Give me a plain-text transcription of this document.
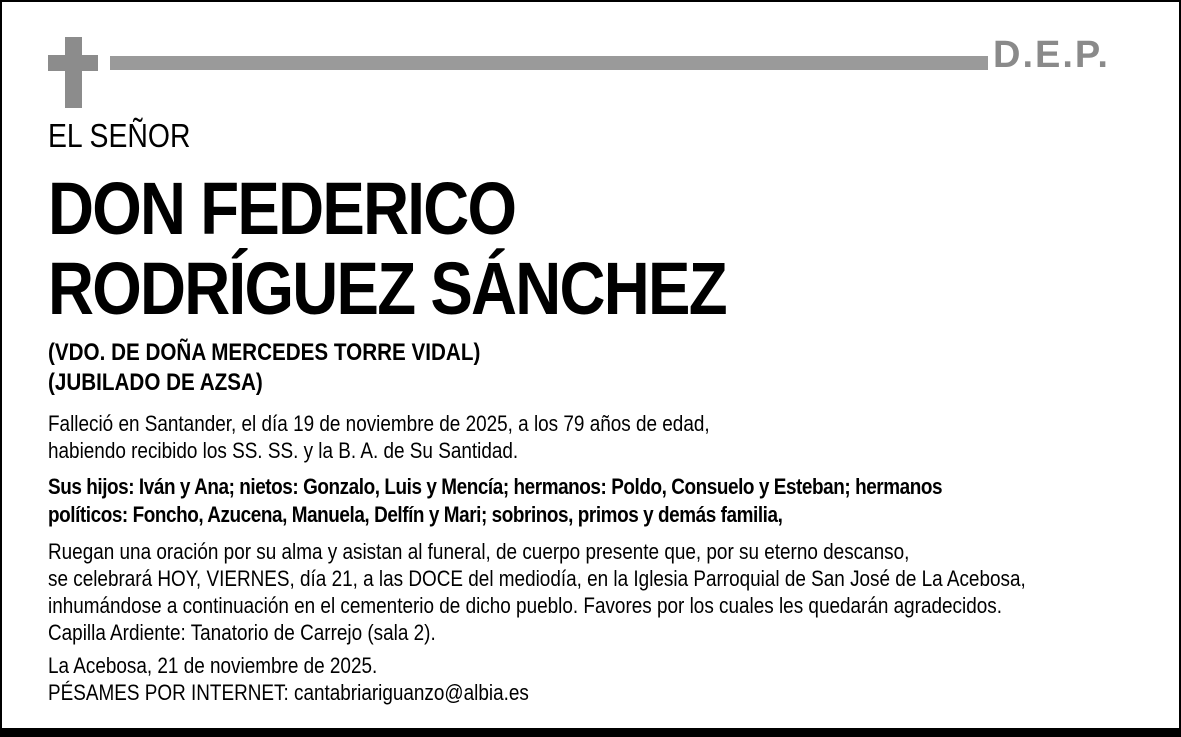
D.E.P.
EL SEÑOR
DON FEDERICO
RODRÍGUEZ SÁNCHEZ
(VDO. DE DOÑA MERCEDES TORRE VIDAL)
(JUBILADO DE AZSA)
Falleció en Santander, el día 19 de noviembre de 2025, a los 79 años de edad,
habiendo recibido los SS. SS. y la B. A. de Su Santidad.
Sus hijos: Iván y Ana; nietos: Gonzalo, Luis y Mencía; hermanos: Poldo, Consuelo y Esteban; hermanos
políticos: Foncho, Azucena, Manuela, Delfín y Mari; sobrinos, primos y demás familia,
Ruegan una oración por su alma y asistan al funeral, de cuerpo presente que, por su eterno descanso,
se celebrará HOY, VIERNES, día 21, a las DOCE del mediodía, en la Iglesia Parroquial de San José de La Acebosa,
inhumándose a continuación en el cementerio de dicho pueblo. Favores por los cuales les quedarán agradecidos.
Capilla Ardiente: Tanatorio de Carrejo (sala 2).
La Acebosa, 21 de noviembre de 2025.
PÉSAMES POR INTERNET: cantabriariguanzo@albia.es
